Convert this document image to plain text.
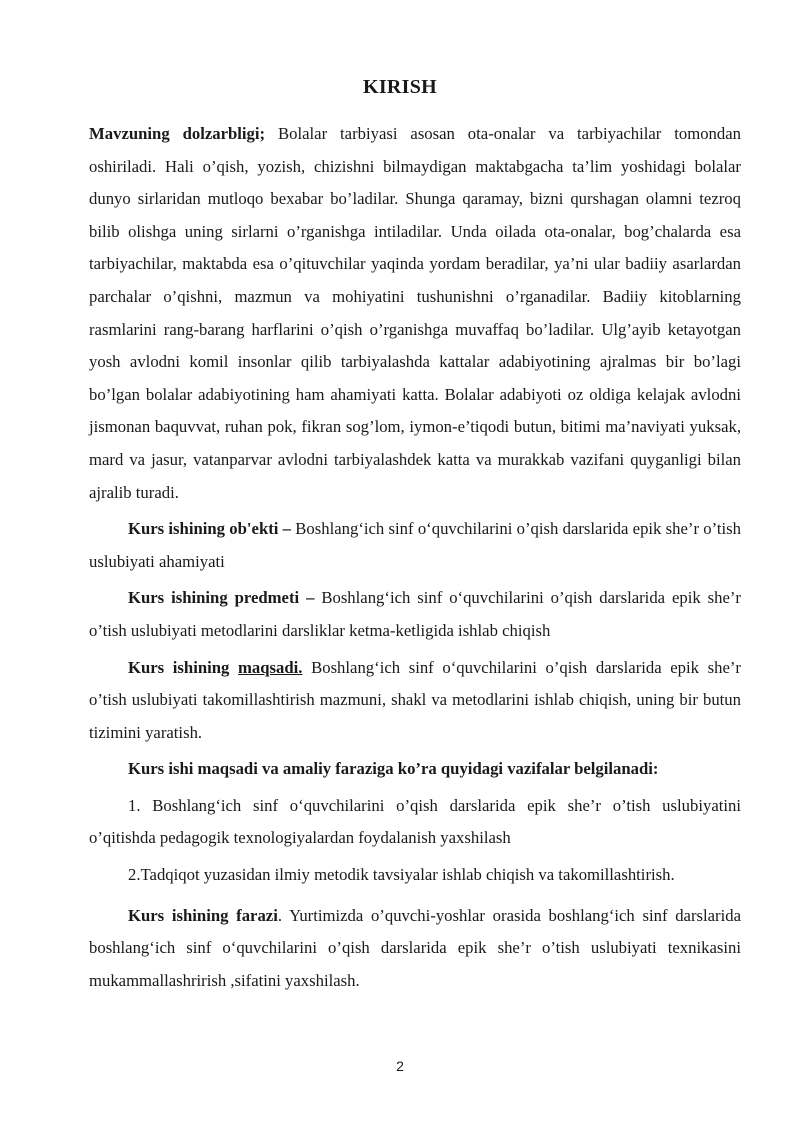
KIRISH

Mavzuning dolzarbligi; Bolalar tarbiyasi asosan ota-onalar va tarbiyachilar tomondan oshiriladi. Hali o’qish, yozish, chizishni bilmaydigan maktabgacha ta’lim yoshidagi bolalar dunyo sirlaridan mutloqo bexabar bo’ladilar. Shunga qaramay, bizni qurshagan olamni tezroq bilib olishga uning sirlarni o’rganishga intiladilar. Unda oilada ota-onalar, bog’chalarda esa tarbiyachilar, maktabda esa o’qituvchilar yaqinda yordam beradilar, ya’ni ular badiiy asarlardan parchalar o’qishni, mazmun va mohiyatini tushunishni o’rganadilar. Badiiy kitoblarning rasmlarini rang-barang harflarini o’qish o’rganishga muvaffaq bo’ladilar. Ulg’ayib ketayotgan yosh avlodni komil insonlar qilib tarbiyalashda kattalar adabiyotining ajralmas bir bo’lagi bo’lgan bolalar adabiyotining ham ahamiyati katta. Bolalar adabiyoti oz oldiga kelajak avlodni jismonan baquvvat, ruhan pok, fikran sog’lom, iymon-e’tiqodi butun, bitimi ma’naviyati yuksak, mard va jasur, vatanparvar avlodni tarbiyalashdek katta va murakkab vazifani quyganligi bilan ajralib turadi.

Kurs ishining ob'ekti – Boshlang‘ich sinf o‘quvchilarini o’qish darslarida epik she’r o’tish uslubiyati ahamiyati

Kurs ishining predmeti – Boshlang‘ich sinf o‘quvchilarini o’qish darslarida epik she’r o’tish uslubiyati metodlarini darsliklar ketma-ketligida ishlab chiqish

Kurs ishining maqsadi. Boshlang‘ich sinf o‘quvchilarini o’qish darslarida epik she’r o’tish uslubiyati takomillashtirish mazmuni, shakl va metodlarini ishlab chiqish, uning bir butun tizimini yaratish.

Kurs ishi maqsadi va amaliy faraziga ko’ra quyidagi vazifalar belgilanadi:

1. Boshlang‘ich sinf o‘quvchilarini o’qish darslarida epik she’r o’tish uslubiyatini o’qitishda pedagogik texnologiyalardan foydalanish yaxshilash

2.Tadqiqot yuzasidan ilmiy metodik tavsiyalar ishlab chiqish va takomillashtirish.

Kurs ishining farazi. Yurtimizda o’quvchi-yoshlar orasida boshlang‘ich sinf darslarida boshlang‘ich sinf o‘quvchilarini o’qish darslarida epik she’r o’tish uslubiyati texnikasini mukammallashrirish ,sifatini yaxshilash.

2
